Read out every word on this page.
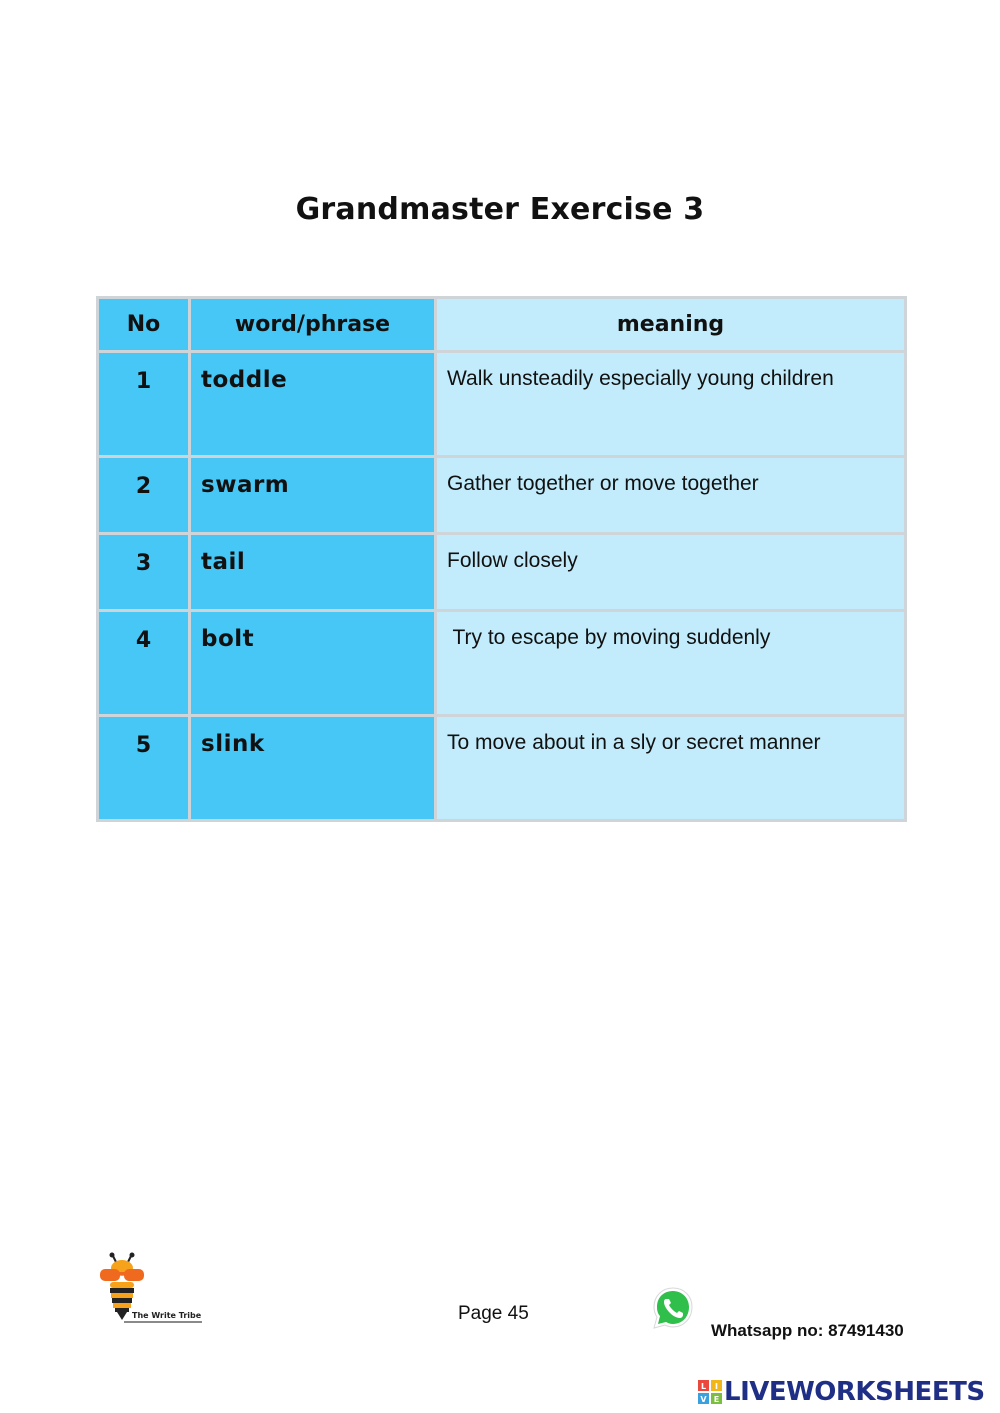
Grandmaster Exercise 3
No	word/phrase	meaning
1	toddle	Walk unsteadily especially young children
2	swarm	Gather together or move together
3	tail	Follow closely
4	bolt	Try to escape by moving suddenly
5	slink	To move about in a sly or secret manner
The Write Tribe	Page 45
Whatsapp no: 87491430
L I
V E LIVEWORKSHEETS
